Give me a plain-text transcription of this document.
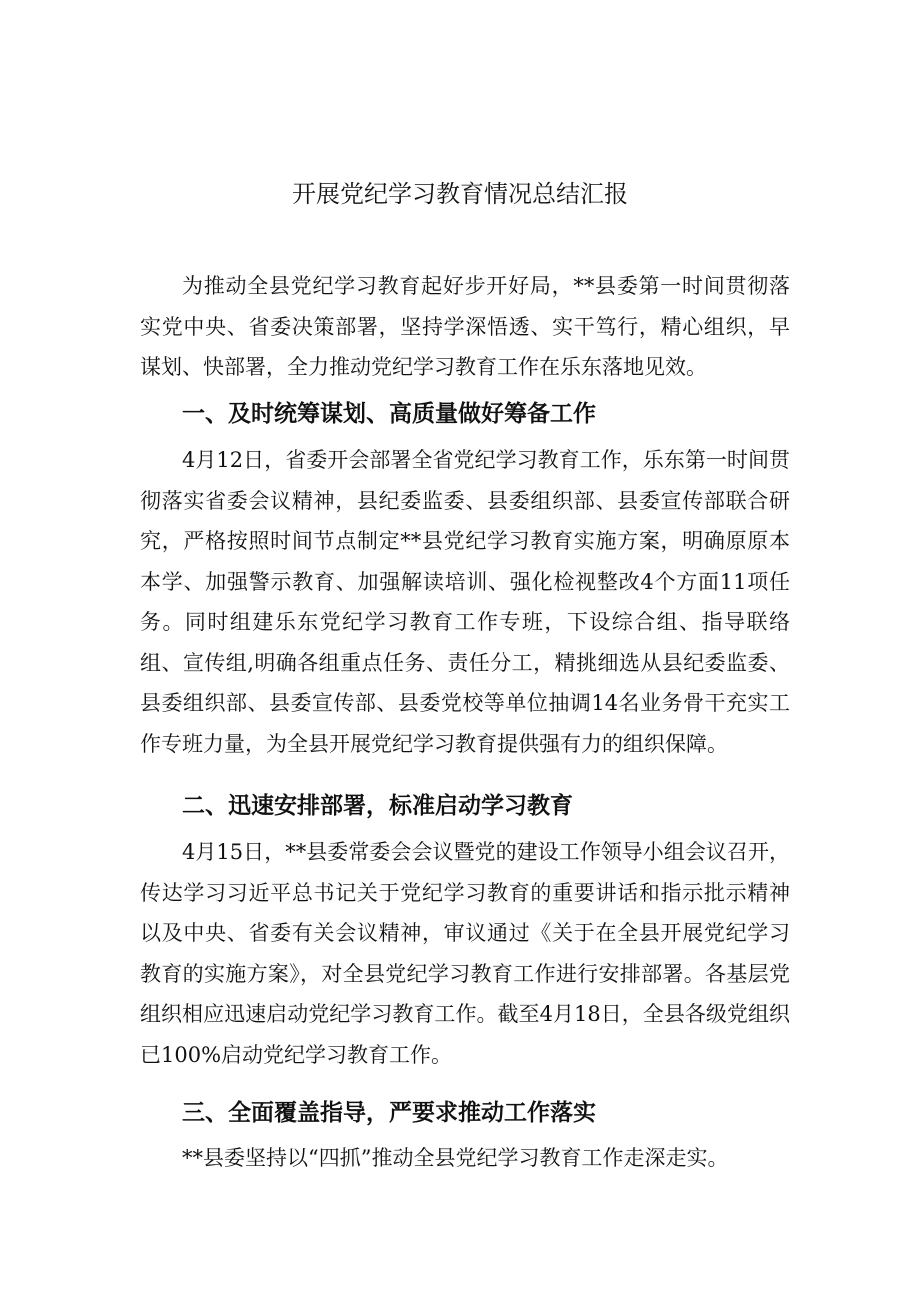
开展党纪学习教育情况总结汇报

为推动全县党纪学习教育起好步开好局，**县委第一时间贯彻落实党中央、省委决策部署，坚持学深悟透、实干笃行，精心组织，早谋划、快部署，全力推动党纪学习教育工作在乐东落地见效。

一、及时统筹谋划、高质量做好筹备工作

4月12日，省委开会部署全省党纪学习教育工作，乐东第一时间贯彻落实省委会议精神，县纪委监委、县委组织部、县委宣传部联合研究，严格按照时间节点制定**县党纪学习教育实施方案，明确原原本本学、加强警示教育、加强解读培训、强化检视整改4个方面11项任务。同时组建乐东党纪学习教育工作专班，下设综合组、指导联络组、宣传组,明确各组重点任务、责任分工，精挑细选从县纪委监委、县委组织部、县委宣传部、县委党校等单位抽调14名业务骨干充实工作专班力量，为全县开展党纪学习教育提供强有力的组织保障。

二、迅速安排部署，标准启动学习教育

4月15日，**县委常委会会议暨党的建设工作领导小组会议召开，传达学习习近平总书记关于党纪学习教育的重要讲话和指示批示精神以及中央、省委有关会议精神，审议通过《关于在全县开展党纪学习教育的实施方案》，对全县党纪学习教育工作进行安排部署。各基层党组织相应迅速启动党纪学习教育工作。截至4月18日，全县各级党组织已100%启动党纪学习教育工作。

三、全面覆盖指导，严要求推动工作落实

**县委坚持以“四抓”推动全县党纪学习教育工作走深走实。
